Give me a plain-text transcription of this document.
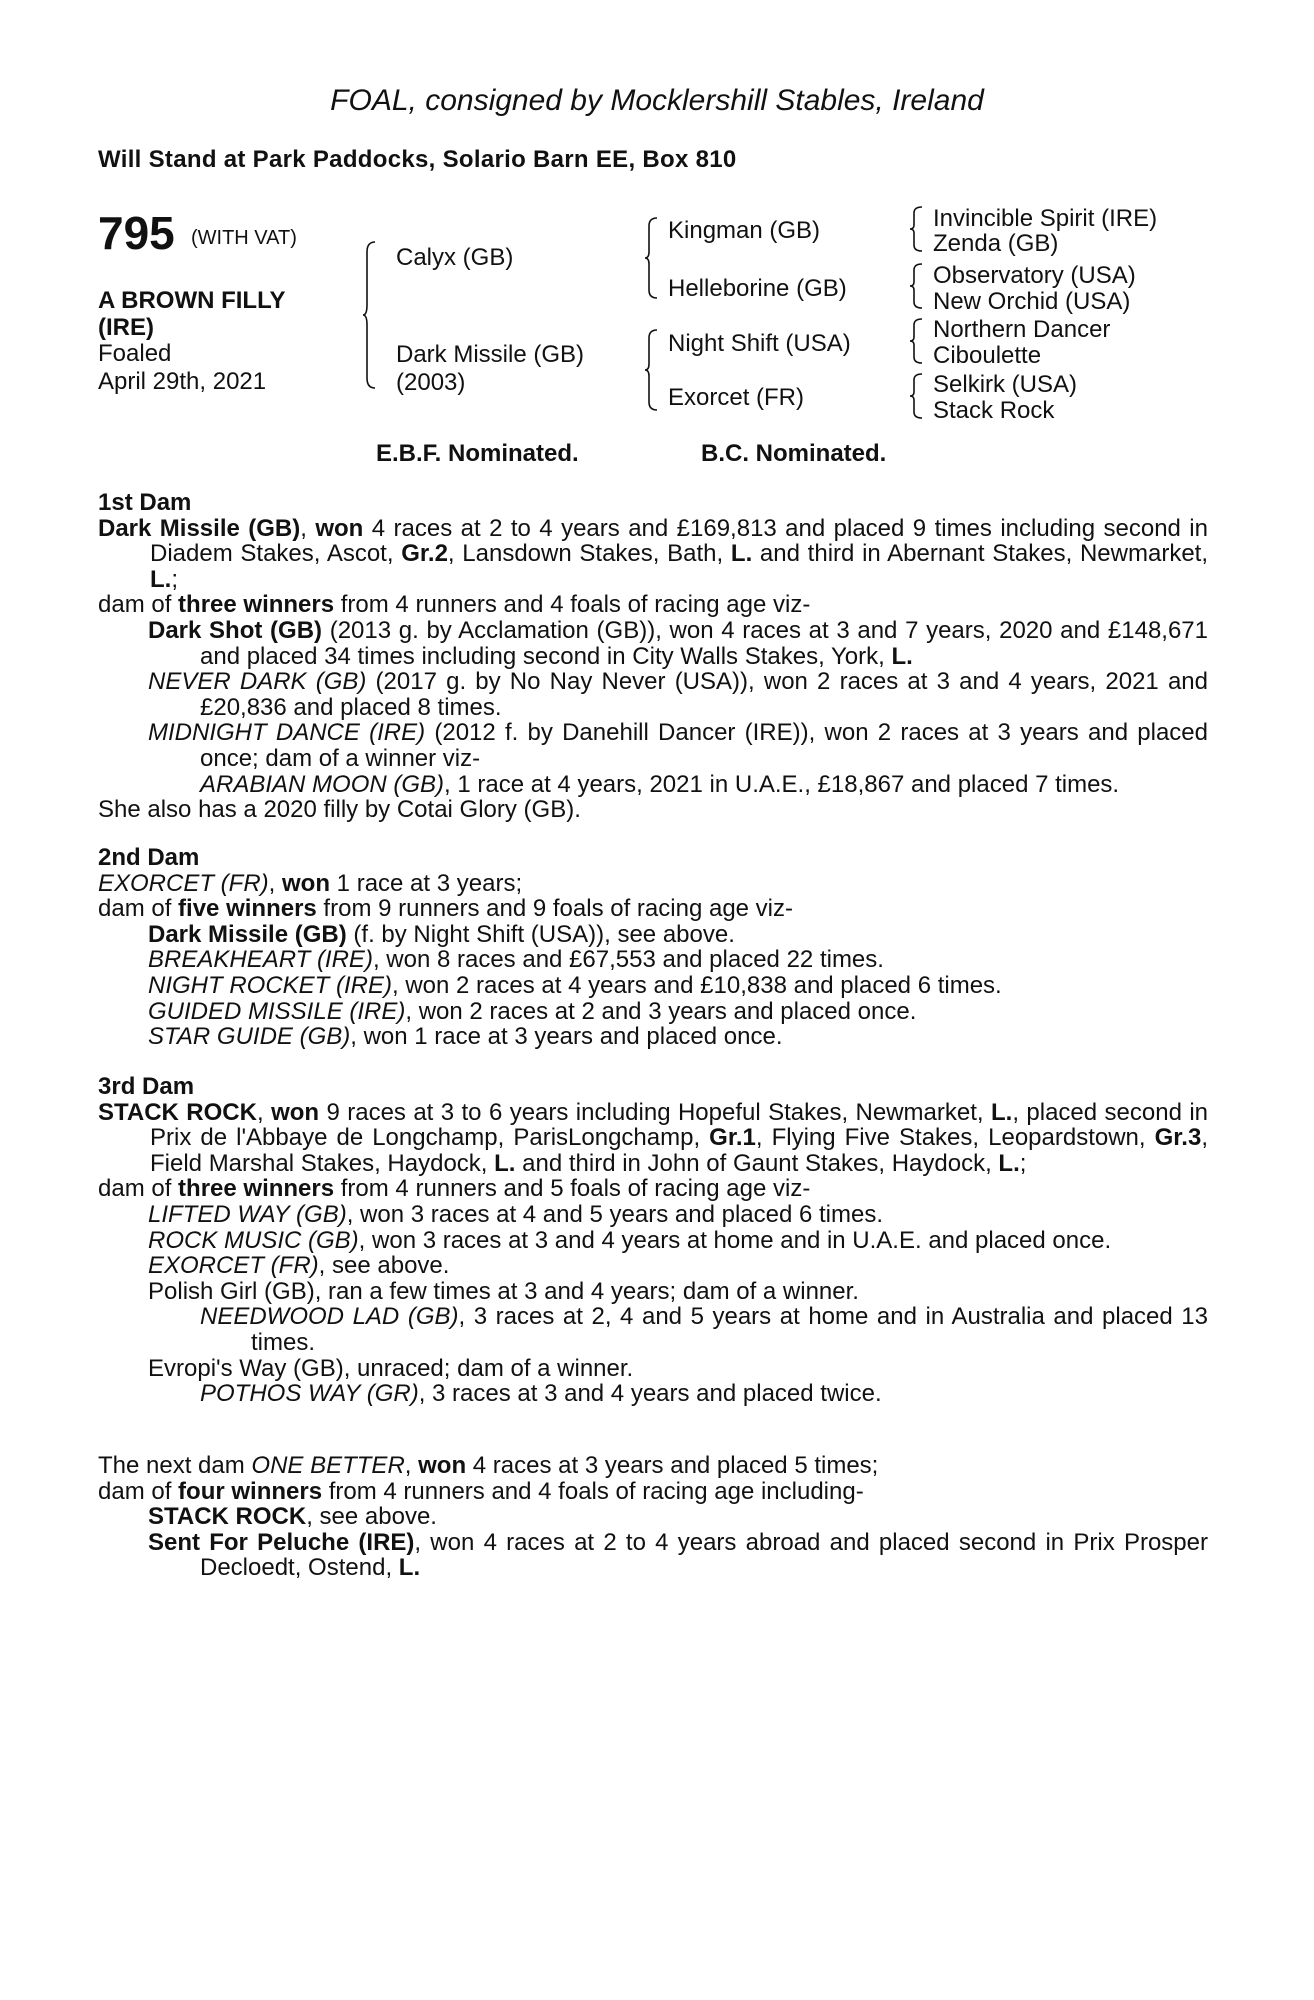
FOAL, consigned by Mocklershill Stables, Ireland
Will Stand at Park Paddocks, Solario Barn EE, Box 810
795 (WITH VAT)
A BROWN FILLY
(IRE)
Foaled
April 29th, 2021
Calyx (GB)
Dark Missile (GB)
(2003)
Kingman (GB)
Helleborine (GB)
Night Shift (USA)
Exorcet (FR)
Invincible Spirit (IRE)
Zenda (GB)
Observatory (USA)
New Orchid (USA)
Northern Dancer
Ciboulette
Selkirk (USA)
Stack Rock
E.B.F. Nominated.	B.C. Nominated.

1st Dam

Dark Missile (GB), won 4 races at 2 to 4 years and £169,813 and placed 9 times including second in Diadem Stakes, Ascot, Gr.2, Lansdown Stakes, Bath, L. and third in Abernant Stakes, Newmarket, L.;

dam of three winners from 4 runners and 4 foals of racing age viz-

Dark Shot (GB) (2013 g. by Acclamation (GB)), won 4 races at 3 and 7 years, 2020 and £148,671 and placed 34 times including second in City Walls Stakes, York, L.

NEVER DARK (GB) (2017 g. by No Nay Never (USA)), won 2 races at 3 and 4 years, 2021 and £20,836 and placed 8 times.

MIDNIGHT DANCE (IRE) (2012 f. by Danehill Dancer (IRE)), won 2 races at 3 years and placed once; dam of a winner viz-

ARABIAN MOON (GB), 1 race at 4 years, 2021 in U.A.E., £18,867 and placed 7 times.

She also has a 2020 filly by Cotai Glory (GB).

2nd Dam

EXORCET (FR), won 1 race at 3 years;

dam of five winners from 9 runners and 9 foals of racing age viz-

Dark Missile (GB) (f. by Night Shift (USA)), see above.

BREAKHEART (IRE), won 8 races and £67,553 and placed 22 times.

NIGHT ROCKET (IRE), won 2 races at 4 years and £10,838 and placed 6 times.

GUIDED MISSILE (IRE), won 2 races at 2 and 3 years and placed once.

STAR GUIDE (GB), won 1 race at 3 years and placed once.

3rd Dam

STACK ROCK, won 9 races at 3 to 6 years including Hopeful Stakes, Newmarket, L., placed second in Prix de l'Abbaye de Longchamp, ParisLongchamp, Gr.1, Flying Five Stakes, Leopardstown, Gr.3, Field Marshal Stakes, Haydock, L. and third in John of Gaunt Stakes, Haydock, L.;

dam of three winners from 4 runners and 5 foals of racing age viz-

LIFTED WAY (GB), won 3 races at 4 and 5 years and placed 6 times.

ROCK MUSIC (GB), won 3 races at 3 and 4 years at home and in U.A.E. and placed once.

EXORCET (FR), see above.

Polish Girl (GB), ran a few times at 3 and 4 years; dam of a winner.

NEEDWOOD LAD (GB), 3 races at 2, 4 and 5 years at home and in Australia and placed 13 times.

Evropi's Way (GB), unraced; dam of a winner.

POTHOS WAY (GR), 3 races at 3 and 4 years and placed twice.

The next dam ONE BETTER, won 4 races at 3 years and placed 5 times;

dam of four winners from 4 runners and 4 foals of racing age including-

STACK ROCK, see above.

Sent For Peluche (IRE), won 4 races at 2 to 4 years abroad and placed second in Prix Prosper Decloedt, Ostend, L.
